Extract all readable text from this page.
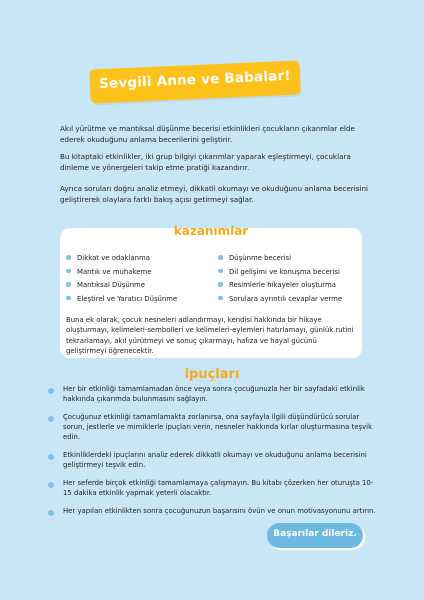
Sevgili Anne ve Babalar!

Akıl yürütme ve mantıksal düşünme becerisi etkinlikleri çocukların çıkarımlar elde ederek okuduğunu anlama becerilerini geliştirir.

Bu kitaptaki etkinlikler, iki grup bilgiyi çıkarımlar yaparak eşleştirmeyi, çocuklara dinleme ve yönergeleri takip etme pratiği kazandırır.

Ayrıca soruları doğru analiz etmeyi, dikkatli okumayı ve okuduğunu anlama becerisini geliştirerek olaylara farklı bakış açısı getirmeyi sağlar.

kazanımlar
Dikkat ve odaklanma
Mantık ve muhakeme
Mantıksal Düşünme
Eleştirel ve Yaratıcı Düşünme
Düşünme becerisi
Dil gelişimi ve konuşma becerisi
Resimlerle hikayeler oluşturma
Sorulara ayrıntılı cevaplar verme

Buna ek olarak, çocuk nesneleri adlandırmayı, kendisi hakkında bir hikaye oluşturmayı, kelimeleri-sembolleri ve kelimeleri-eylemleri hatırlamayı, günlük rutini tekrarlamayı, akıl yürütmeyi ve sonuç çıkarmayı, hafıza ve hayal gücünü geliştirmeyi öğrenecektir.

ipuçları
Her bir etkinliği tamamlamadan önce veya sonra çocuğunuzla her bir sayfadaki etkinlik hakkında çıkarımda bulunmasını sağlayın.
Çocuğunuz etkinliği tamamlamakta zorlanırsa, ona sayfayla ilgili düşündürücü sorular sorun, jestlerle ve mimiklerle ipuçları verin, nesneler hakkında kırlar oluşturmasına teşvik edin.
Etkinliklerdeki ipuçlarını analiz ederek dikkatli okumayı ve okuduğunu anlama becerisini geliştirmeyi teşvik edin.
Her seferde birçok etkinliği tamamlamaya çalışmayın. Bu kitabı çözerken her oturuşta 10-15 dakika etkinlik yapmak yeterli olacaktır.
Her yapılan etkinlikten sonra çocuğunuzun başarısını övün ve onun motivasyonunu artırın.
Başarılar dileriz.
